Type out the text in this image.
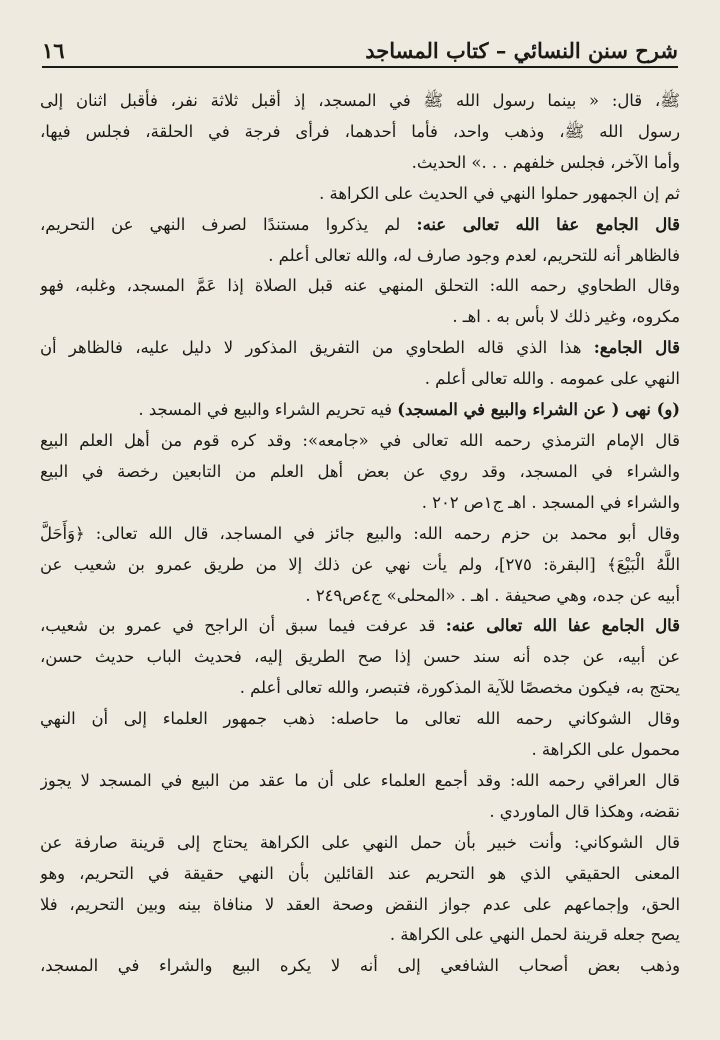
شرح سنن النسائي – كتاب المساجد
١٦
ﷺ، قال: « بينما رسول الله ﷺ في المسجد، إذ أقبل ثلاثة نفر، فأقبل اثنان إلى
رسول الله ﷺ، وذهب واحد، فأما أحدهما، فرأى فرجة في الحلقة، فجلس فيها،
وأما الآخر، فجلس خلفهم . . .» الحديث.
ثم إن الجمهور حملوا النهي في الحديث على الكراهة .
قال الجامع عفا الله تعالى عنه: لم يذكروا مستندًا لصرف النهي عن التحريم،
فالظاهر أنه للتحريم، لعدم وجود صارف له، والله تعالى أعلم .
وقال الطحاوي رحمه الله: التحلق المنهي عنه قبل الصلاة إذا عَمَّ المسجد، وغلبه، فهو
مكروه، وغير ذلك لا بأس به . اهـ .
قال الجامع: هذا الذي قاله الطحاوي من التفريق المذكور لا دليل عليه، فالظاهر أن
النهي على عمومه . والله تعالى أعلم .
(و) نهى ( عن الشراء والبيع في المسجد) فيه تحريم الشراء والبيع في المسجد .
قال الإمام الترمذي رحمه الله تعالى في «جامعه»: وقد كره قوم من أهل العلم البيع
والشراء في المسجد، وقد روي عن بعض أهل العلم من التابعين رخصة في البيع
والشراء في المسجد . اهـ ج١ص ٢٠٢ .
وقال أبو محمد بن حزم رحمه الله: والبيع جائز في المساجد، قال الله تعالى: ﴿وَأَحَلَّ
اللَّهُ الْبَيْعَ﴾ [البقرة: ٢٧٥]، ولم يأت نهي عن ذلك إلا من طريق عمرو بن شعيب عن
أبيه عن جده، وهي صحيفة . اهـ . «المحلى» ج٤ص٢٤٩ .
قال الجامع عفا الله تعالى عنه: قد عرفت فيما سبق أن الراجح في عمرو بن شعيب،
عن أبيه، عن جده أنه سند حسن إذا صح الطريق إليه، فحديث الباب حديث حسن،
يحتج به، فيكون مخصصًا للآية المذكورة، فتبصر، والله تعالى أعلم .
وقال الشوكاني رحمه الله تعالى ما حاصله: ذهب جمهور العلماء إلى أن النهي
محمول على الكراهة .
قال العراقي رحمه الله: وقد أجمع العلماء على أن ما عقد من البيع في المسجد لا يجوز
نقضه، وهكذا قال الماوردي .
قال الشوكاني: وأنت خبير بأن حمل النهي على الكراهة يحتاج إلى قرينة صارفة عن
المعنى الحقيقي الذي هو التحريم عند القائلين بأن النهي حقيقة في التحريم، وهو
الحق، وإجماعهم على عدم جواز النقض وصحة العقد لا منافاة بينه وبين التحريم، فلا
يصح جعله قرينة لحمل النهي على الكراهة .
وذهب بعض أصحاب الشافعي إلى أنه لا يكره البيع والشراء في المسجد،
